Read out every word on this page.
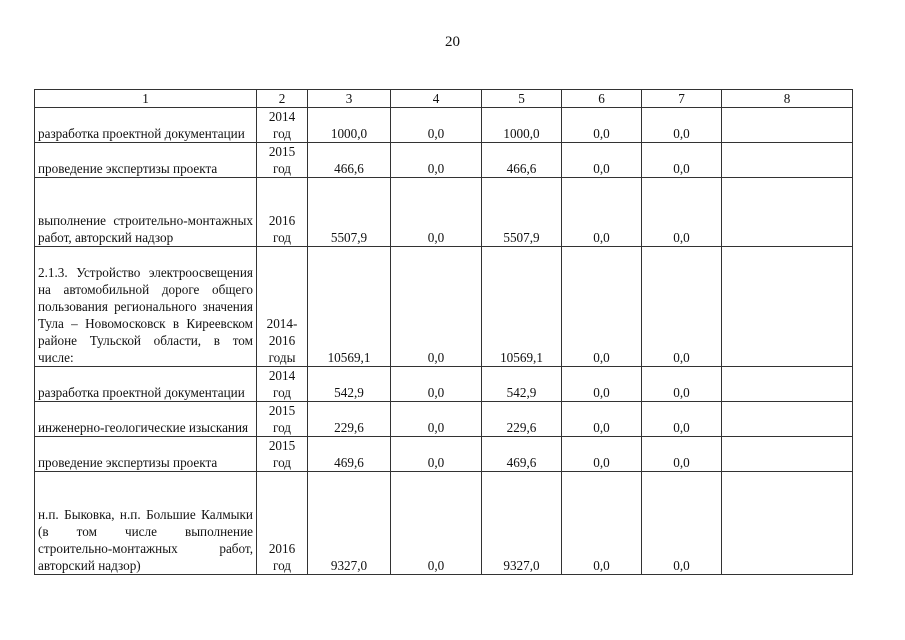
20
1	2	3	4	5	6	7	8
разработка проектной документации	2014 год	1000,0	0,0	1000,0	0,0	0,0	
проведение экспертизы проекта	2015 год	466,6	0,0	466,6	0,0	0,0	
выполнение строительно-монтажных работ, авторский надзор	2016 год	5507,9	0,0	5507,9	0,0	0,0	
2.1.3. Устройство электроосвещения на автомобильной дороге общего пользования регионального значения Тула – Новомосковск в Киреевском районе Тульской области, в том числе:	2014-2016 годы	10569,1	0,0	10569,1	0,0	0,0	
разработка проектной документации	2014 год	542,9	0,0	542,9	0,0	0,0	
инженерно-геологические изыскания	2015 год	229,6	0,0	229,6	0,0	0,0	
проведение экспертизы проекта	2015 год	469,6	0,0	469,6	0,0	0,0	
н.п. Быковка, н.п. Большие Калмыки (в том числе выполнение строительно-монтажных работ, авторский надзор)	2016 год	9327,0	0,0	9327,0	0,0	0,0	
